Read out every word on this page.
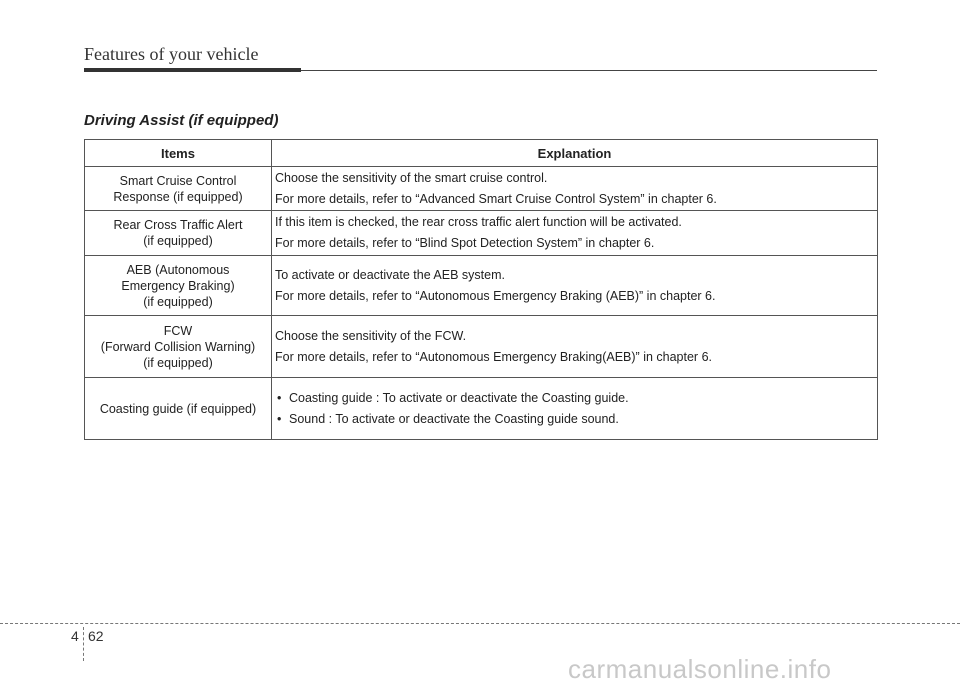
Features of your vehicle
Driving Assist (if equipped)
Items	Explanation

Smart Cruise Control
Response (if equipped)	Choose the sensitivity of the smart cruise control.
For more details, refer to “Advanced Smart Cruise Control System” in chapter 6.

Rear Cross Traffic Alert
(if equipped)	If this item is checked, the rear cross traffic alert function will be activated.
For more details, refer to “Blind Spot Detection System” in chapter 6.

AEB (Autonomous
Emergency Braking)
(if equipped)	To activate or deactivate the AEB system.
For more details, refer to “Autonomous Emergency Braking (AEB)” in chapter 6.

FCW
(Forward Collision Warning)
(if equipped)	Choose the sensitivity of the FCW.
For more details, refer to “Autonomous Emergency Braking(AEB)” in chapter 6.

Coasting guide (if equipped)	• Coasting guide : To activate or deactivate the Coasting guide.
• Sound : To activate or deactivate the Coasting guide sound.
4 62
carmanualsonline.info
